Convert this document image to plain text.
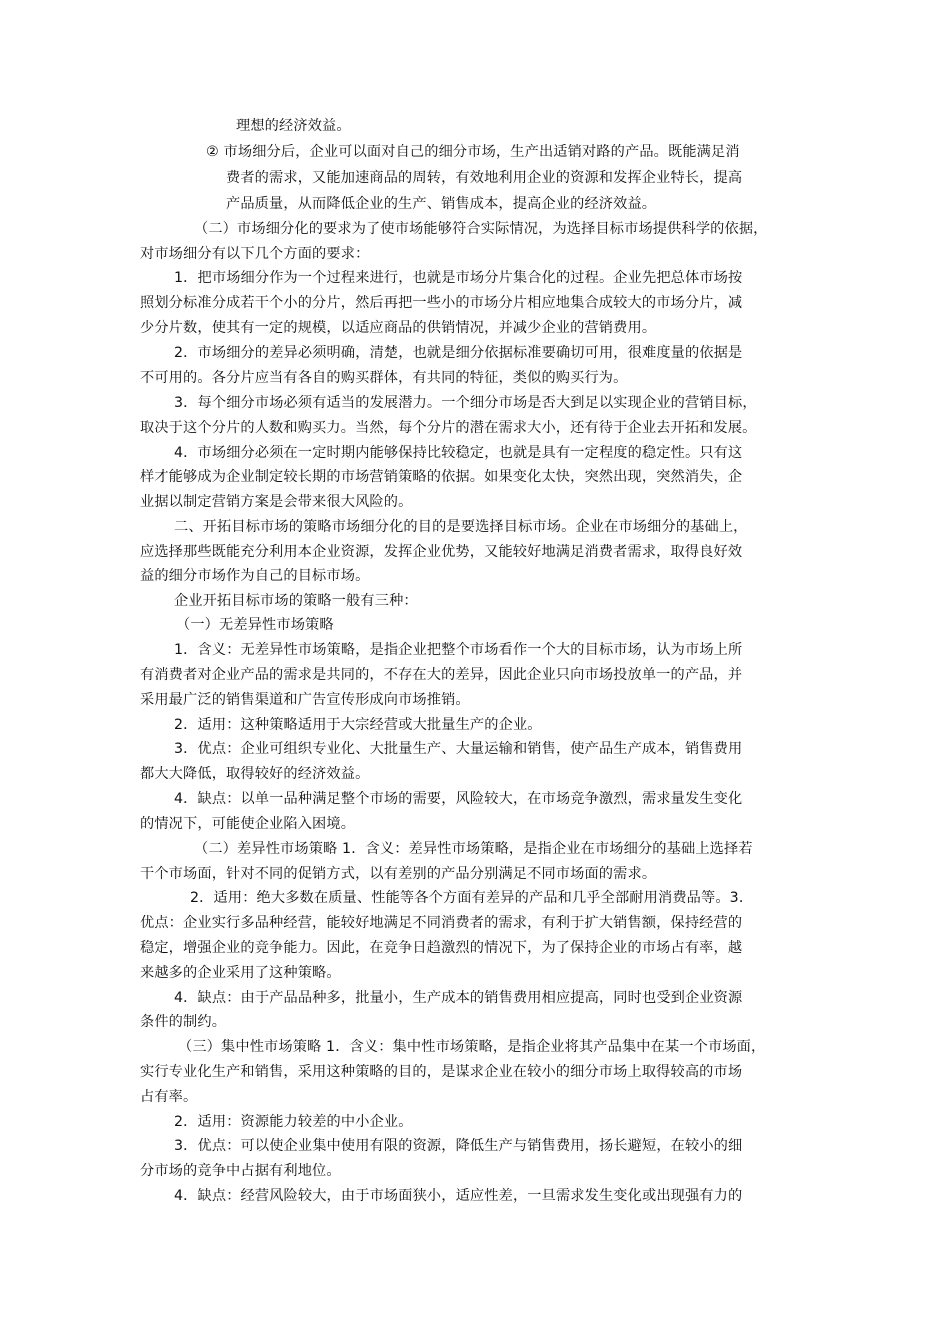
理想的经济效益。
② 市场细分后，企业可以面对自己的细分市场，生产出适销对路的产品。既能满足消
费者的需求，又能加速商品的周转，有效地利用企业的资源和发挥企业特长，提高
产品质量，从而降低企业的生产、销售成本，提高企业的经济效益。
（二）市场细分化的要求为了使市场能够符合实际情况，为选择目标市场提供科学的依据，
对市场细分有以下几个方面的要求：
1．把市场细分作为一个过程来进行，也就是市场分片集合化的过程。企业先把总体市场按
照划分标准分成若干个小的分片，然后再把一些小的市场分片相应地集合成较大的市场分片，减
少分片数，使其有一定的规模，以适应商品的供销情况，并减少企业的营销费用。
2．市场细分的差异必须明确，清楚，也就是细分依据标准要确切可用，很难度量的依据是
不可用的。各分片应当有各自的购买群体，有共同的特征，类似的购买行为。
3．每个细分市场必须有适当的发展潜力。一个细分市场是否大到足以实现企业的营销目标，
取决于这个分片的人数和购买力。当然，每个分片的潜在需求大小，还有待于企业去开拓和发展。
4．市场细分必须在一定时期内能够保持比较稳定，也就是具有一定程度的稳定性。只有这
样才能够成为企业制定较长期的市场营销策略的依据。如果变化太快，突然出现，突然消失，企
业据以制定营销方案是会带来很大风险的。
二、开拓目标市场的策略市场细分化的目的是要选择目标市场。企业在市场细分的基础上，
应选择那些既能充分利用本企业资源，发挥企业优势，又能较好地满足消费者需求，取得良好效
益的细分市场作为自己的目标市场。
企业开拓目标市场的策略一般有三种：
（一）无差异性市场策略
1．含义：无差异性市场策略，是指企业把整个市场看作一个大的目标市场，认为市场上所
有消费者对企业产品的需求是共同的，不存在大的差异，因此企业只向市场投放单一的产品，并
采用最广泛的销售渠道和广告宣传形成向市场推销。
2．适用：这种策略适用于大宗经营或大批量生产的企业。
3．优点：企业可组织专业化、大批量生产、大量运输和销售，使产品生产成本，销售费用
都大大降低，取得较好的经济效益。
4．缺点：以单一品种满足整个市场的需要，风险较大，在市场竞争激烈，需求量发生变化
的情况下，可能使企业陷入困境。
（二）差异性市场策略 1．含义：差异性市场策略，是指企业在市场细分的基础上选择若
干个市场面，针对不同的促销方式，以有差别的产品分别满足不同市场面的需求。
2．适用：绝大多数在质量、性能等各个方面有差异的产品和几乎全部耐用消费品等。3．
优点：企业实行多品种经营，能较好地满足不同消费者的需求，有利于扩大销售额，保持经营的
稳定，增强企业的竞争能力。因此，在竞争日趋激烈的情况下，为了保持企业的市场占有率，越
来越多的企业采用了这种策略。
4．缺点：由于产品品种多，批量小，生产成本的销售费用相应提高，同时也受到企业资源
条件的制约。
（三）集中性市场策略 1．含义：集中性市场策略，是指企业将其产品集中在某一个市场面，
实行专业化生产和销售，采用这种策略的目的，是谋求企业在较小的细分市场上取得较高的市场
占有率。
2．适用：资源能力较差的中小企业。
3．优点：可以使企业集中使用有限的资源，降低生产与销售费用，扬长避短，在较小的细
分市场的竞争中占据有利地位。
4．缺点：经营风险较大，由于市场面狭小，适应性差，一旦需求发生变化或出现强有力的
